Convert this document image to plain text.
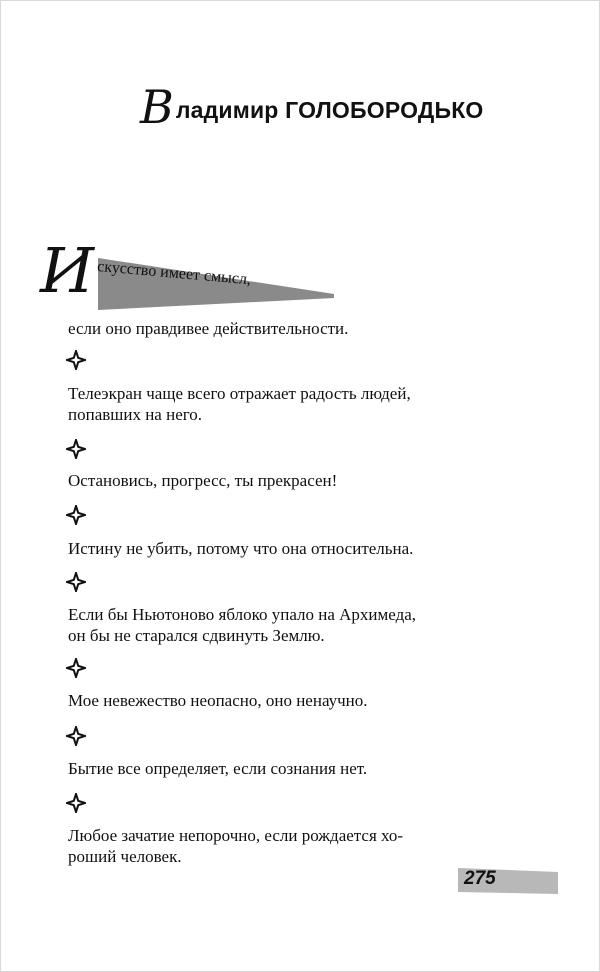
В ладимир ГОЛОБОРОДЬКО
И скусство имеет смысл,
если оно правдивее действительности.
Телеэкран чаще всего отражает радость людей,
попавших на него.
Остановись, прогресс, ты прекрасен!
Истину не убить, потому что она относительна.
Если бы Ньютоново яблоко упало на Архимеда,
он бы не старался сдвинуть Землю.
Мое невежество неопасно, оно ненаучно.
Бытие все определяет, если сознания нет.
Любое зачатие непорочно, если рождается хо-
роший человек.
275
